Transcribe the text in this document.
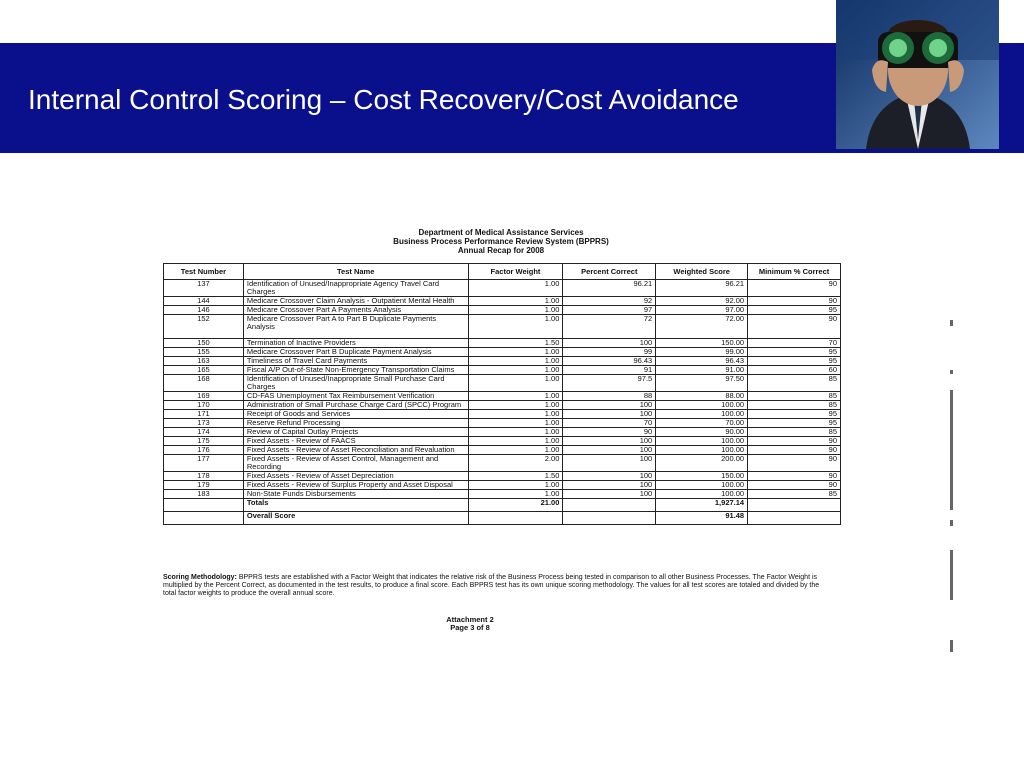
Internal Control Scoring – Cost Recovery/Cost Avoidance
Department of Medical Assistance Services
Business Process Performance Review System (BPPRS)
Annual Recap for 2008
Test Number	Test Name	Factor Weight	Percent Correct	Weighted Score	Minimum % Correct
137	Identification of Unused/Inappropriate Agency Travel Card Charges	1.00	96.21	96.21	90
144	Medicare Crossover Claim Analysis - Outpatient Mental Health	1.00	92	92.00	90
146	Medicare Crossover Part A Payments Analysis	1.00	97	97.00	95
152	Medicare Crossover Part A to Part B Duplicate Payments Analysis	1.00	72	72.00	90

150	Termination of Inactive Providers	1.50	100	150.00	70
155	Medicare Crossover Part B Duplicate Payment Analysis	1.00	99	99.00	95
163	Timeliness of Travel Card Payments	1.00	96.43	96.43	95
165	Fiscal A/P Out-of-State Non-Emergency Transportation Claims	1.00	91	91.00	60
168	Identification of Unused/Inappropriate Small Purchase Card Charges	1.00	97.5	97.50	85
169	CD-FAS Unemployment Tax Reimbursement Verification	1.00	88	88.00	85
170	Administration of Small Purchase Charge Card (SPCC) Program	1.00	100	100.00	85
171	Receipt of Goods and Services	1.00	100	100.00	95
173	Reserve Refund Processing	1.00	70	70.00	95
174	Review of Capital Outlay Projects	1.00	90	90.00	85
175	Fixed Assets - Review of FAACS	1.00	100	100.00	90
176	Fixed Assets - Review of Asset Reconciliation and Revaluation	1.00	100	100.00	90
177	Fixed Assets - Review of Asset Control, Management and Recording	2.00	100	200.00	90
178	Fixed Assets - Review of Asset Depreciation	1.50	100	150.00	90
179	Fixed Assets - Review of Surplus Property and Asset Disposal	1.00	100	100.00	90
183	Non-State Funds Disbursements	1.00	100	100.00	85
	Totals	21.00		1,927.14	
	Overall Score			91.48	
Scoring Methodology: BPPRS tests are established with a Factor Weight that indicates the relative risk of the Business Process being tested in comparison to all other Business Processes. The Factor Weight is multiplied by the Percent Correct, as documented in the test results, to produce a final score. Each BPPRS test has its own unique scoring methodology. The values for all test scores are totaled and divided by the total factor weights to produce the overall annual score.
Attachment 2
Page 3 of 8
